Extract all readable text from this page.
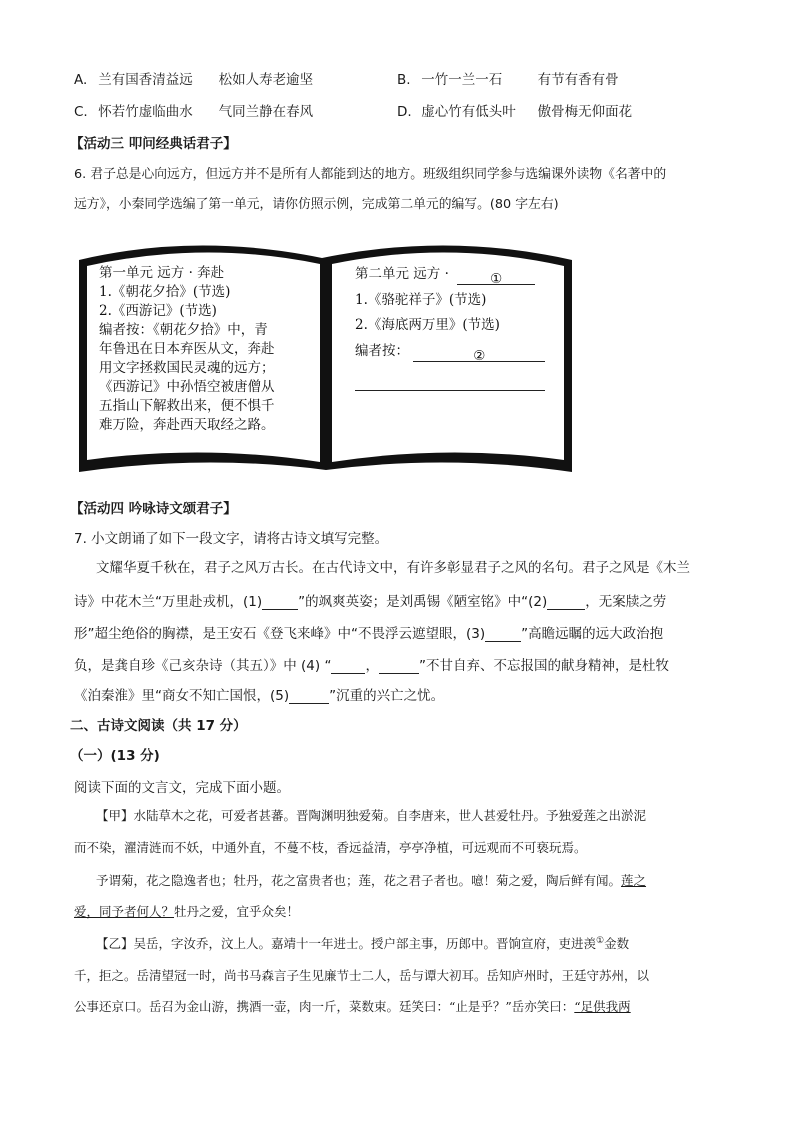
A. 兰有国香清益远 松如人寿老逾坚	B. 一竹一兰一石	有节有香有骨
C. 怀若竹虚临曲水 气同兰静在春风	D. 虚心竹有低头叶 傲骨梅无仰面花
【活动三 叩问经典话君子】
6. 君子总是心向远方，但远方并不是所有人都能到达的地方。班级组织同学参与选编课外读物《名著中的
远方》，小秦同学选编了第一单元，请你仿照示例，完成第二单元的编写。(80 字左右)
第一单元 远方 · 奔赴
1.《朝花夕拾》(节选)
2.《西游记》(节选)
编者按：《朝花夕拾》中，青
年鲁迅在日本弃医从文，奔赴
用文字拯救国民灵魂的远方；
《西游记》中孙悟空被唐僧从
五指山下解救出来，便不惧千
难万险，奔赴西天取经之路。
第二单元 远方 ·	①
1.《骆驼祥子》(节选)
2.《海底两万里》(节选)
编者按：	②
【活动四 吟咏诗文颂君子】
7. 小文朗诵了如下一段文字，请将古诗文填写完整。
文耀华夏千秋在，君子之风万古长。在古代诗文中，有许多彰显君子之风的名句。君子之风是《木兰
诗》中花木兰“万里赴戎机，(1)	”的飒爽英姿；是刘禹锡《陋室铭》中“(2)	，无案牍之劳
形”超尘绝俗的胸襟，是王安石《登飞来峰》中“不畏浮云遮望眼，(3)	”高瞻远瞩的远大政治抱
负，是龚自珍《己亥杂诗（其五）》中 (4) “	，	”不甘自弃、不忘报国的献身精神，是杜牧
《泊秦淮》里“商女不知亡国恨，(5)	”沉重的兴亡之忧。
二、古诗文阅读（共 17 分）
（一）(13 分)
阅读下面的文言文，完成下面小题。
【甲】水陆草木之花，可爱者甚蕃。晋陶渊明独爱菊。自李唐来，世人甚爱牡丹。予独爱莲之出淤泥
而不染，濯清涟而不妖，中通外直，不蔓不枝，香远益清，亭亭净植，可远观而不可亵玩焉。
予谓菊，花之隐逸者也；牡丹，花之富贵者也；莲，花之君子者也。噫！菊之爱，陶后鲜有闻。莲之
爱，同予者何人？牡丹之爱，宜乎众矣！
【乙】吴岳，字汝乔，汶上人。嘉靖十一年进士。授户部主事，历郎中。晋饷宣府，吏进羡①金数
千，拒之。岳清望冠一时，尚书马森言子生见廉节士二人，岳与谭大初耳。岳知庐州时，王廷守苏州，以
公事还京口。岳召为金山游，携酒一壶，肉一斤，菜数束。廷笑曰：“止是乎？”岳亦笑曰：“足供我两
